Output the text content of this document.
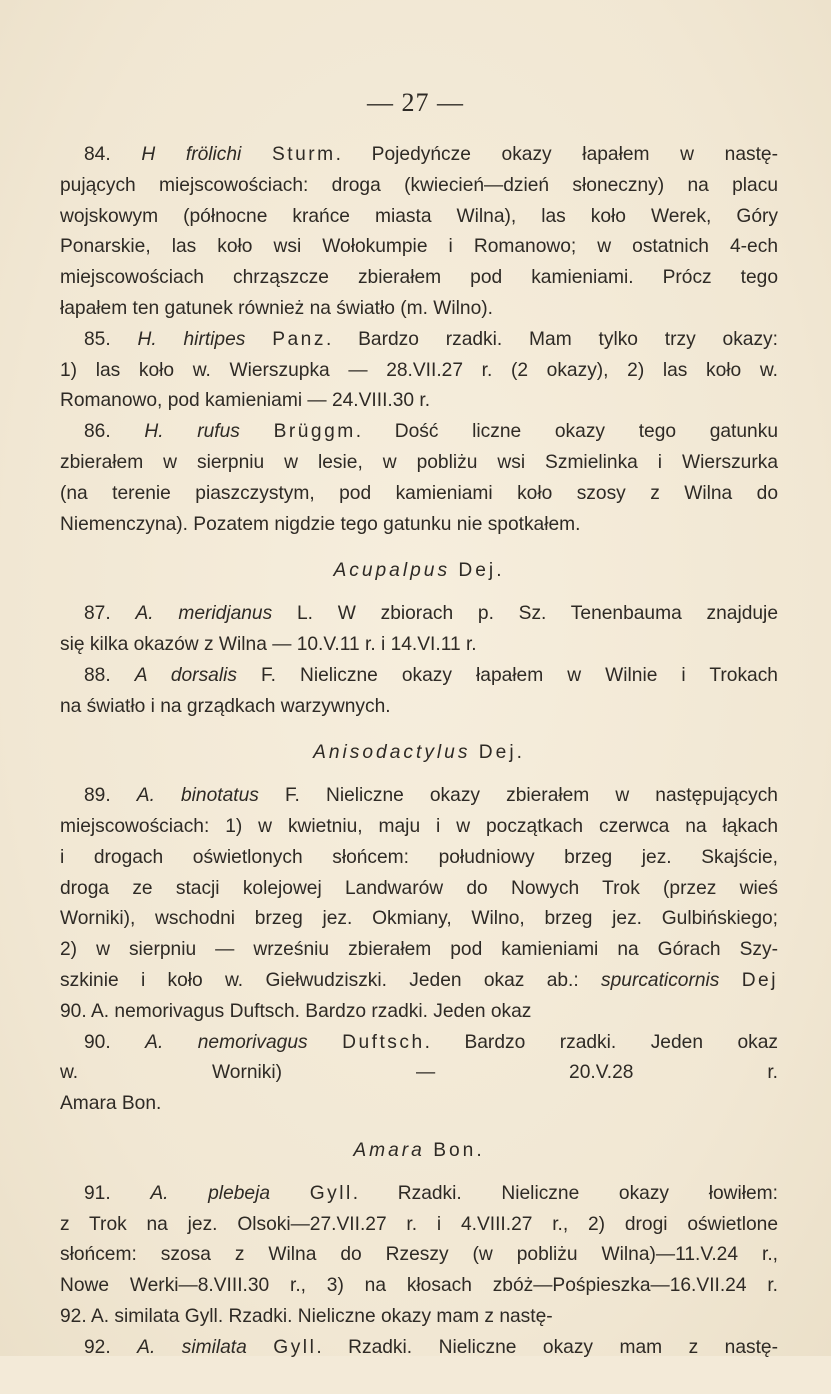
— 27 —
84. H frölichi Sturm. Pojedyńcze okazy łapałem w nastę-
pujących miejscowościach: droga (kwiecień—dzień słoneczny) na placu
wojskowym (północne krańce miasta Wilna), las koło Werek, Góry
Ponarskie, las koło wsi Wołokumpie i Romanowo; w ostatnich 4-ech
miejscowościach chrząszcze zbierałem pod kamieniami. Prócz tego
łapałem ten gatunek również na światło (m. Wilno).
85. H. hirtipes Panz. Bardzo rzadki. Mam tylko trzy okazy:
1) las koło w. Wierszupka — 28.VII.27 r. (2 okazy), 2) las koło w.
Romanowo, pod kamieniami — 24.VIII.30 r.
86. H. rufus Brüggm. Dość liczne okazy tego gatunku
zbierałem w sierpniu w lesie, w pobliżu wsi Szmielinka i Wierszurka
(na terenie piaszczystym, pod kamieniami koło szosy z Wilna do
Niemenczyna). Pozatem nigdzie tego gatunku nie spotkałem.
Acupalpus Dej.
87. A. meridjanus L. W zbiorach p. Sz. Tenenbauma znajduje
się kilka okazów z Wilna — 10.V.11 r. i 14.VI.11 r.
88. A dorsalis F. Nieliczne okazy łapałem w Wilnie i Trokach
na światło i na grządkach warzywnych.
Anisodactylus Dej.
89. A. binotatus F. Nieliczne okazy zbierałem w następujących
miejscowościach: 1) w kwietniu, maju i w początkach czerwca na łąkach
i drogach oświetlonych słońcem: południowy brzeg jez. Skajście,
droga ze stacji kolejowej Landwarów do Nowych Trok (przez wieś
Worniki), wschodni brzeg jez. Okmiany, Wilno, brzeg jez. Gulbińskiego;
2) w sierpniu — wrześniu zbierałem pod kamieniami na Górach Szy-
szkinie i koło w. Giełwudziszki. Jeden okaz ab.: spurcaticornis Dej
90. A. nemorivagus Duftsch. Bardzo rzadki. Jeden okaz
90. A. nemorivagus Duftsch. Bardzo rzadki. Jeden okaz
w. Worniki) — 20.V.28 r.
Amara Bon.
Amara Bon.
91. A. plebeja Gyll. Rzadki. Nieliczne okazy łowiłem:
z Trok na jez. Olsoki—27.VII.27 r. i 4.VIII.27 r., 2) drogi oświetlone
słońcem: szosa z Wilna do Rzeszy (w pobliżu Wilna)—11.V.24 r.,
Nowe Werki—8.VIII.30 r., 3) na kłosach zbóż—Pośpieszka—16.VII.24 r.
92. A. similata Gyll. Rzadki. Nieliczne okazy mam z nastę-
92. A. similata Gyll. Rzadki. Nieliczne okazy mam z nastę-
